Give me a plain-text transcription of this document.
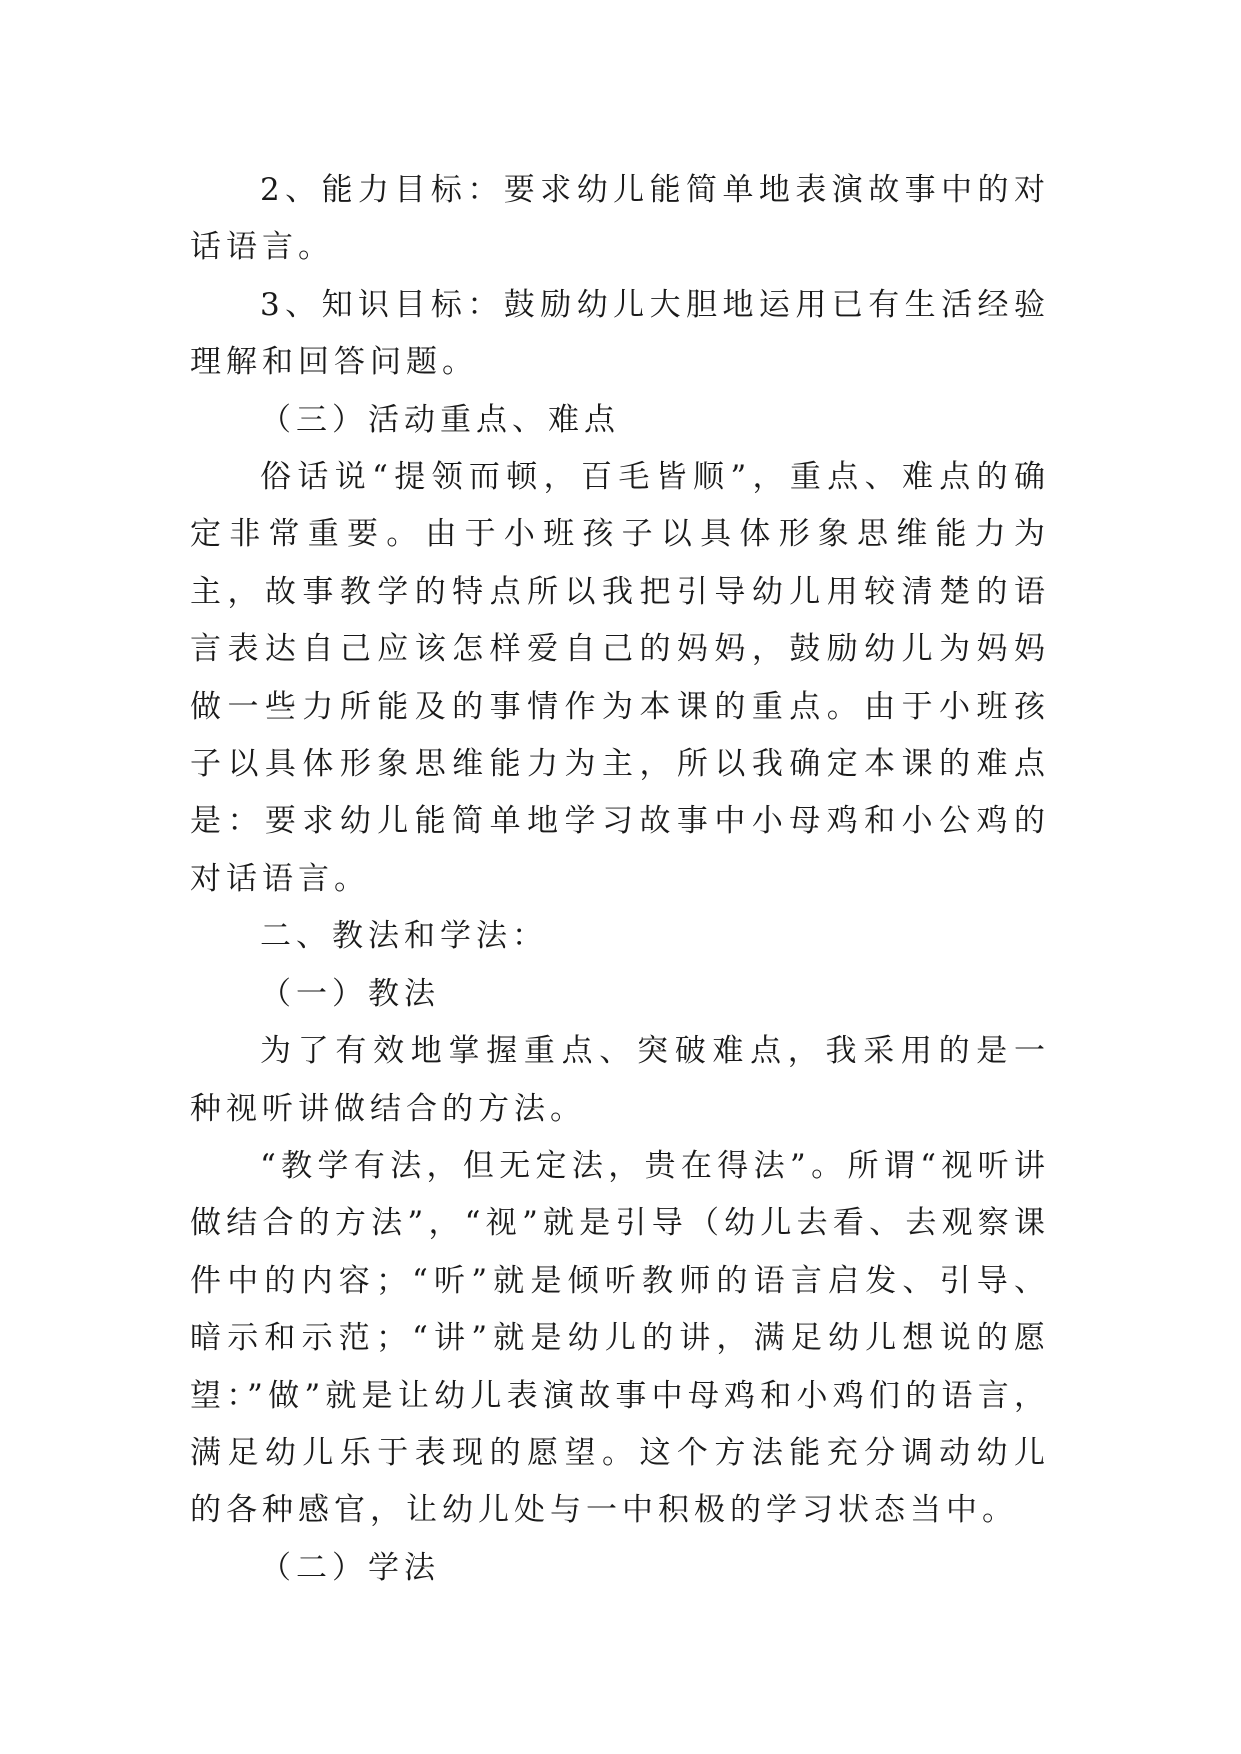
2、能力目标：要求幼儿能简单地表演故事中的对话语言。

3、知识目标：鼓励幼儿大胆地运用已有生活经验理解和回答问题。

（三）活动重点、难点

俗话说“提领而顿，百毛皆顺”，重点、难点的确定非常重要。由于小班孩子以具体形象思维能力为主，故事教学的特点所以我把引导幼儿用较清楚的语言表达自己应该怎样爱自己的妈妈，鼓励幼儿为妈妈做一些力所能及的事情作为本课的重点。由于小班孩子以具体形象思维能力为主，所以我确定本课的难点是：要求幼儿能简单地学习故事中小母鸡和小公鸡的对话语言。

二、教法和学法：

（一）教法

为了有效地掌握重点、突破难点，我采用的是一种视听讲做结合的方法。

“教学有法，但无定法，贵在得法”。所谓“视听讲做结合的方法”，“视”就是引导（幼儿去看、去观察课件中的内容；“听”就是倾听教师的语言启发、引导、暗示和示范；“讲”就是幼儿的讲，满足幼儿想说的愿望：”做”就是让幼儿表演故事中母鸡和小鸡们的语言，满足幼儿乐于表现的愿望。这个方法能充分调动幼儿的各种感官，让幼儿处与一中积极的学习状态当中。

（二）学法
